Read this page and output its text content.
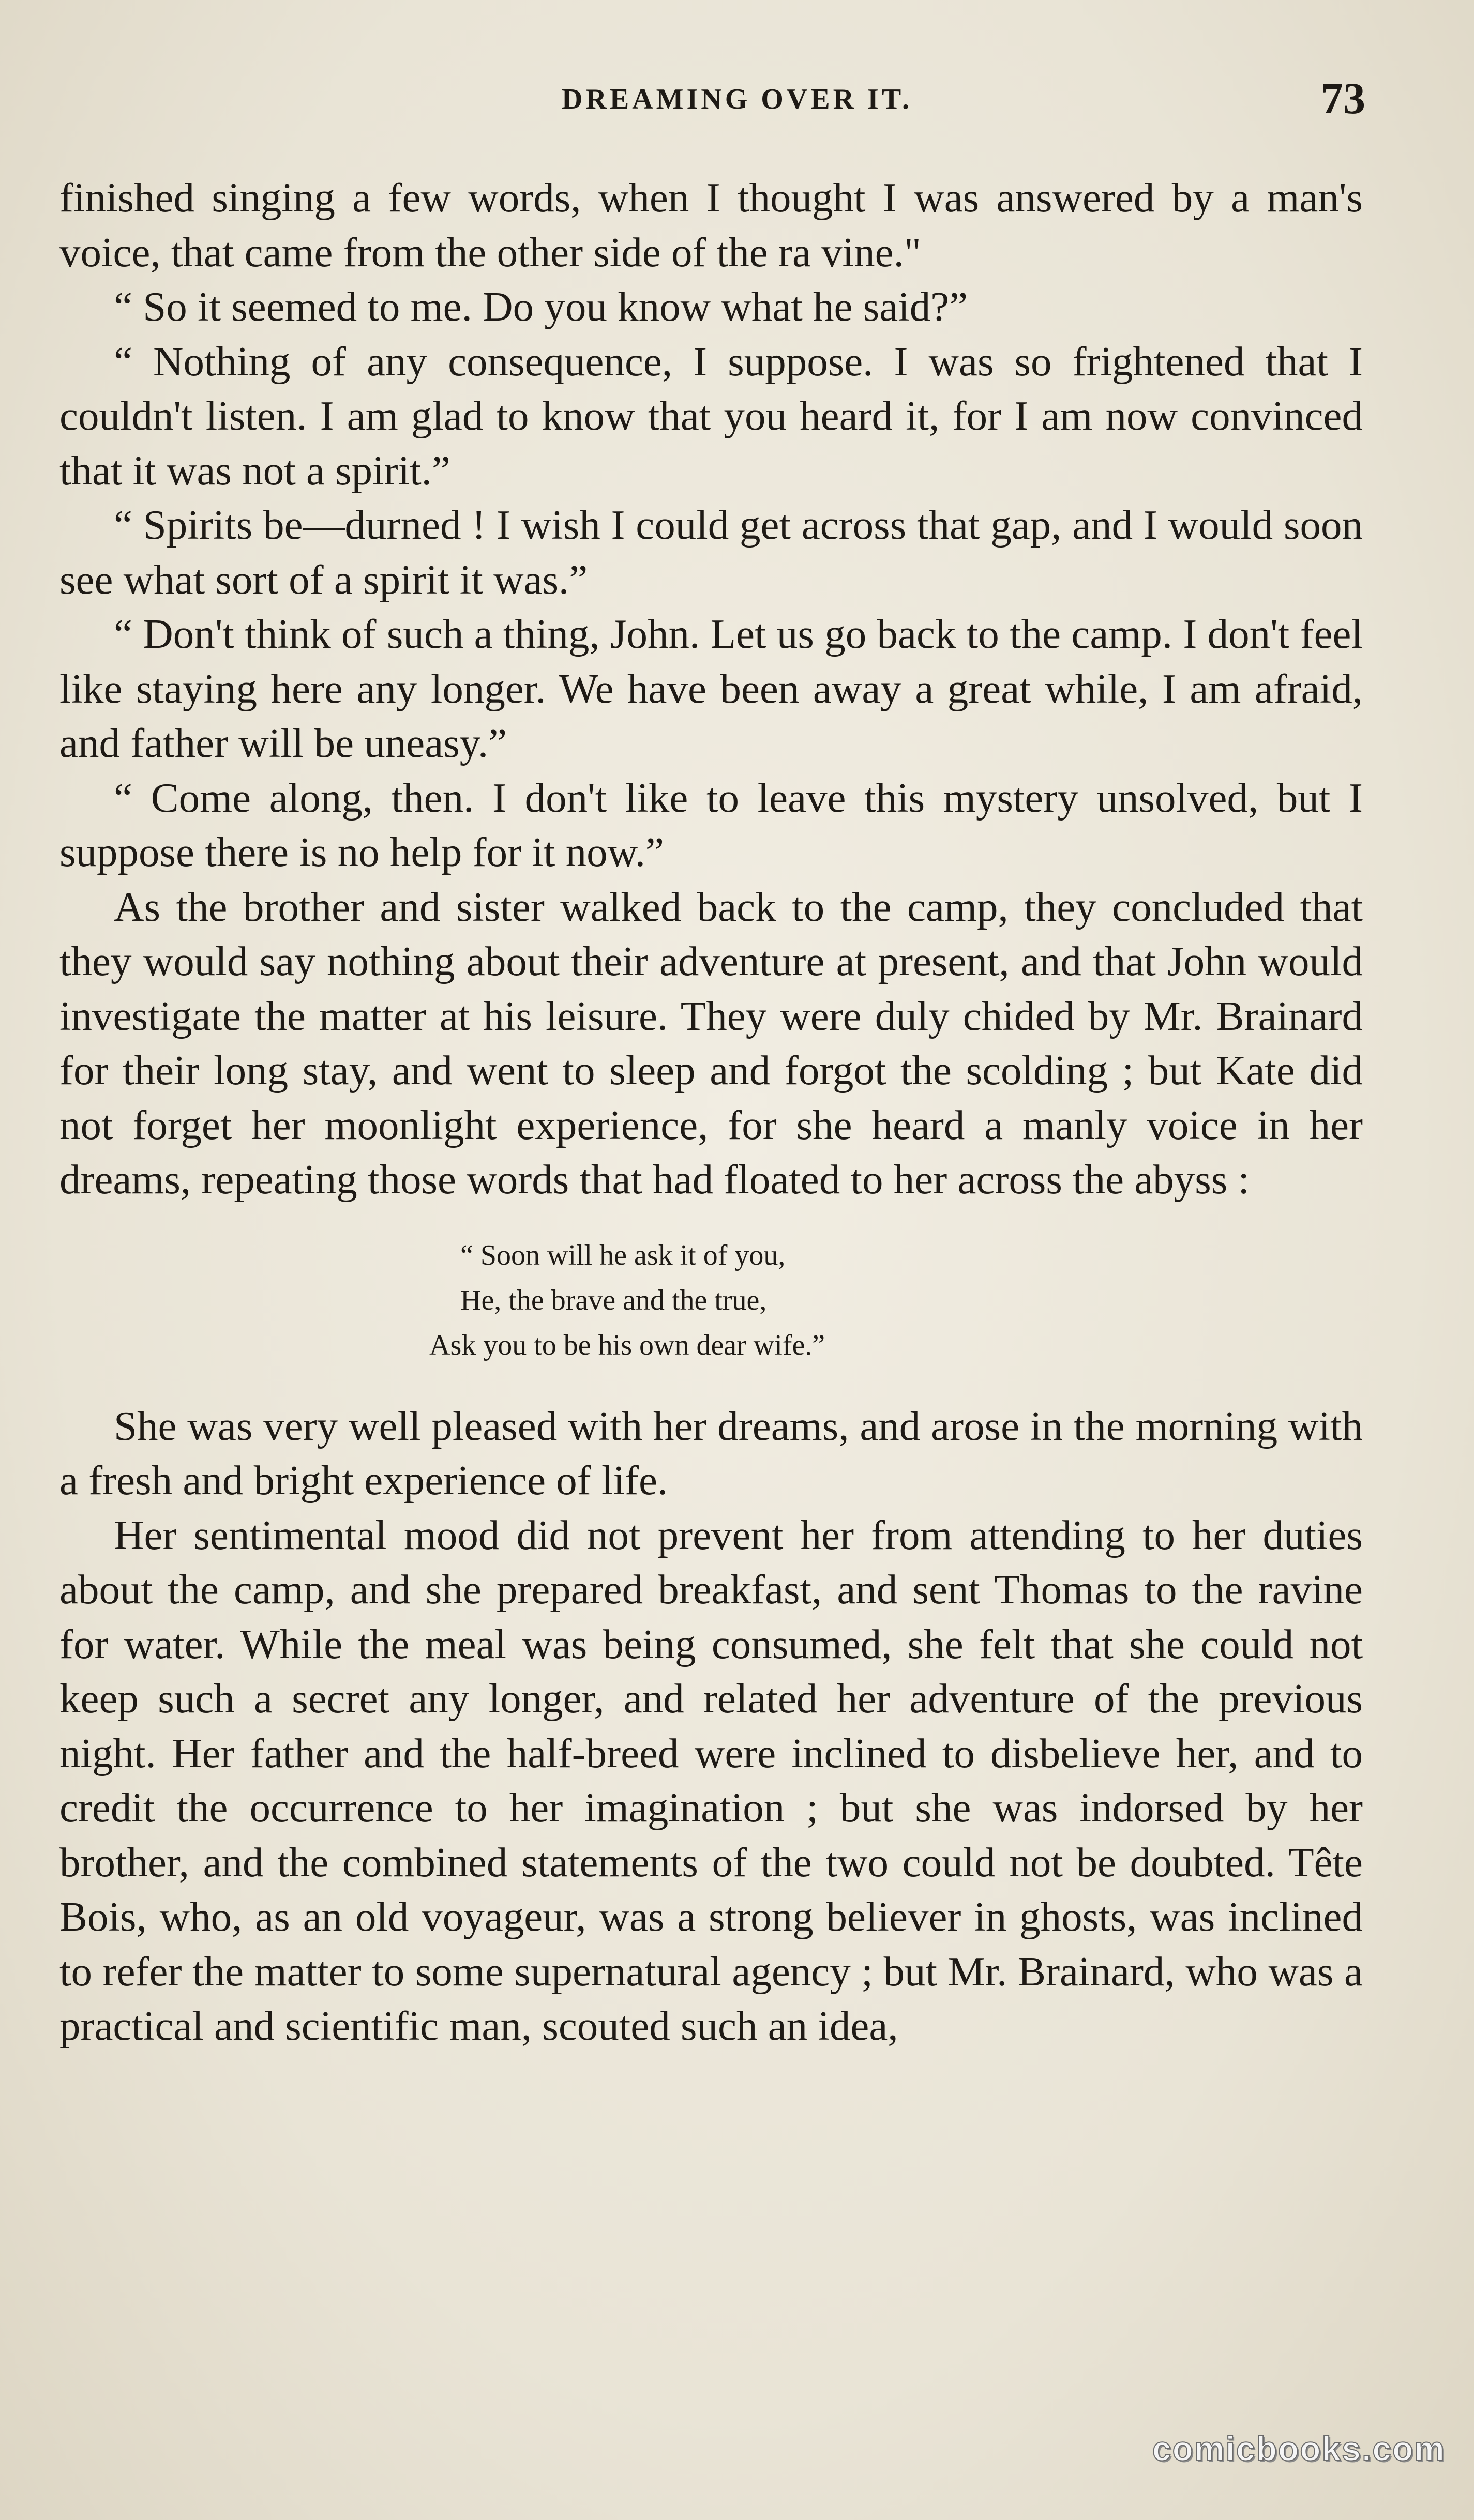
DREAMING OVER IT.	73

finished singing a few words, when I thought I was answered by a man's voice, that came from the other side of the ra vine."

“ So it seemed to me. Do you know what he said?”

“ Nothing of any consequence, I suppose. I was so frightened that I couldn't listen. I am glad to know that you heard it, for I am now convinced that it was not a spirit.”

“ Spirits be—durned ! I wish I could get across that gap, and I would soon see what sort of a spirit it was.”

“ Don't think of such a thing, John. Let us go back to the camp. I don't feel like staying here any longer. We have been away a great while, I am afraid, and father will be uneasy.”

“ Come along, then. I don't like to leave this mystery unsolved, but I suppose there is no help for it now.”

As the brother and sister walked back to the camp, they concluded that they would say nothing about their adventure at present, and that John would investigate the matter at his leisure. They were duly chided by Mr. Brainard for their long stay, and went to sleep and forgot the scolding ; but Kate did not forget her moonlight experience, for she heard a manly voice in her dreams, repeating those words that had floated to her across the abyss :

“ Soon will he ask it of you,
He, the brave and the true,
Ask you to be his own dear wife.”

She was very well pleased with her dreams, and arose in the morning with a fresh and bright experience of life.

Her sentimental mood did not prevent her from attending to her duties about the camp, and she prepared breakfast, and sent Thomas to the ravine for water. While the meal was being consumed, she felt that she could not keep such a secret any longer, and related her adventure of the previous night. Her father and the half-breed were inclined to disbelieve her, and to credit the occurrence to her imagination ; but she was indorsed by her brother, and the combined statements of the two could not be doubted. Tête Bois, who, as an old voyageur, was a strong believer in ghosts, was inclined to refer the matter to some supernatural agency ; but Mr. Brainard, who was a practical and scientific man, scouted such an idea,

comicbooks.com
